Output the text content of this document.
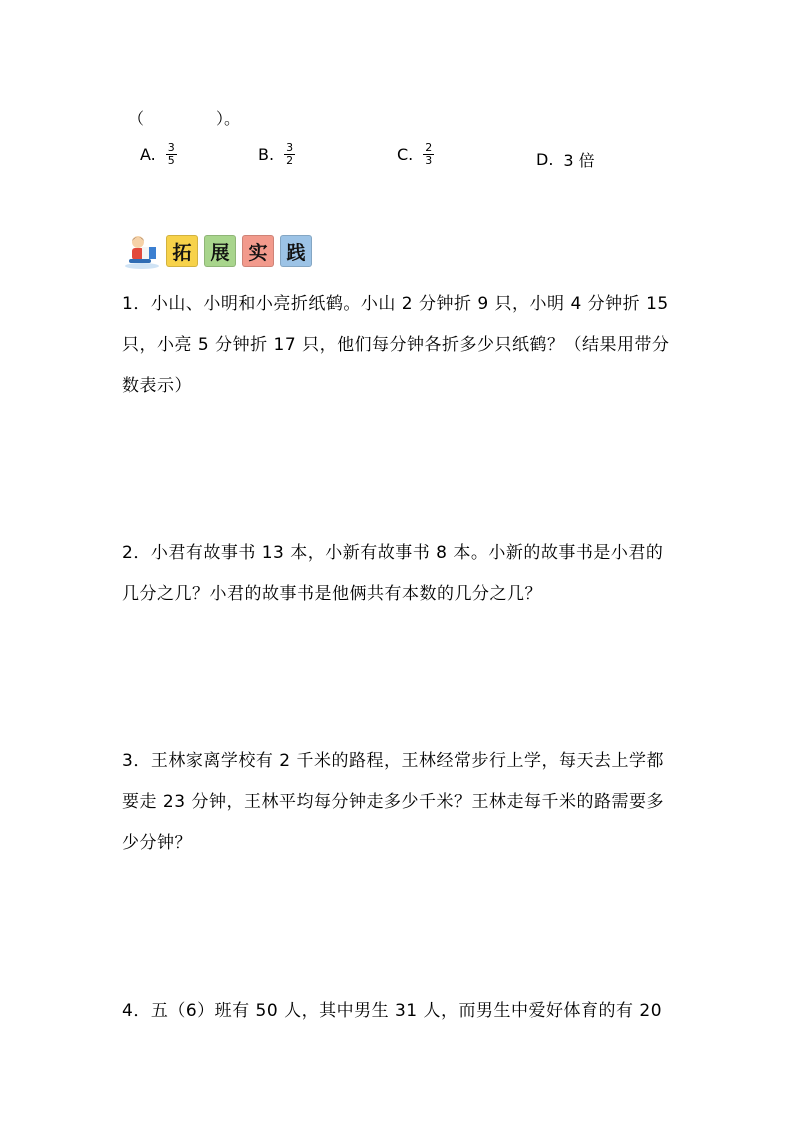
（	）。
A. $\frac{3}{5}$	B. $\frac{3}{2}$	C. $\frac{2}{3}$	D. 3 倍
拓 展 实 践

1．小山、小明和小亮折纸鹤。小山 2 分钟折 9 只，小明 4 分钟折 15 只，小亮 5 分钟折 17 只，他们每分钟各折多少只纸鹤？（结果用带分数表示）

2．小君有故事书 13 本，小新有故事书 8 本。小新的故事书是小君的几分之几？小君的故事书是他俩共有本数的几分之几？

3．王林家离学校有 2 千米的路程，王林经常步行上学，每天去上学都要走 23 分钟，王林平均每分钟走多少千米？王林走每千米的路需要多少分钟？

4．五（6）班有 50 人，其中男生 31 人，而男生中爱好体育的有 20
